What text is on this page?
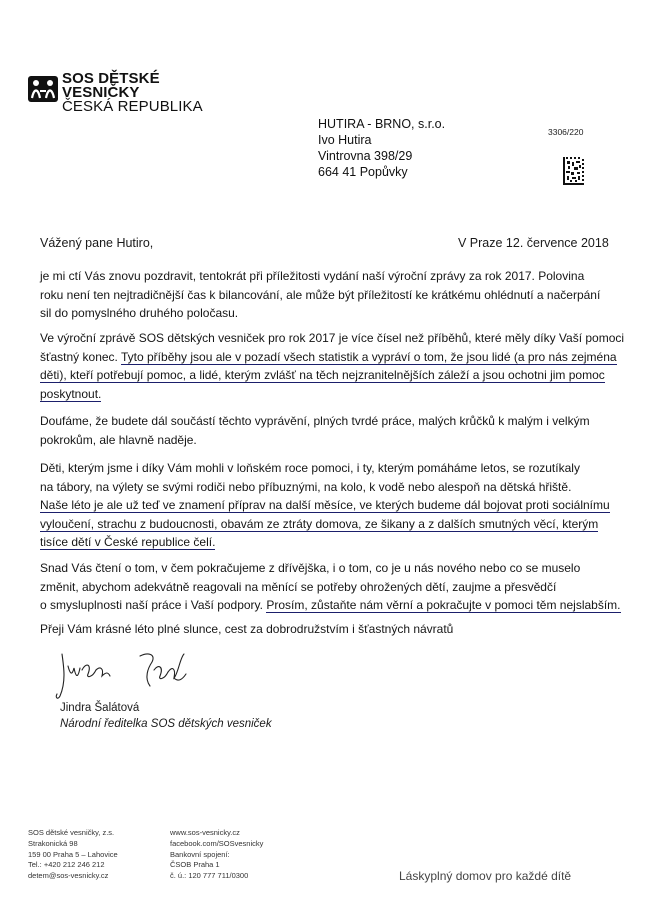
SOS DĚTSKÉ
VESNIČKY
ČESKÁ REPUBLIKA
3306/220
HUTIRA - BRNO, s.r.o.
Ivo Hutira
Vintrovna 398/29
664 41 Popůvky
Vážený pane Hutiro,	V Praze 12. července 2018
je mi ctí Vás znovu pozdravit, tentokrát při příležitosti vydání naší výroční zprávy za rok 2017. Polovina
roku není ten nejtradičnější čas k bilancování, ale může být příležitostí ke krátkému ohlédnutí a načerpání
sil do pomyslného druhého poločasu.
Ve výroční zprávě SOS dětských vesniček pro rok 2017 je více čísel než příběhů, které měly díky Vaší pomoci
šťastný konec. Tyto příběhy jsou ale v pozadí všech statistik a vypráví o tom, že jsou lidé (a pro nás zejména
děti), kteří potřebují pomoc, a lidé, kterým zvlášť na těch nejzranitelnějších záleží a jsou ochotni jim pomoc
poskytnout.
Doufáme, že budete dál součástí těchto vyprávění, plných tvrdé práce, malých krůčků k malým i velkým
pokrokům, ale hlavně naděje.
Děti, kterým jsme i díky Vám mohli v loňském roce pomoci, i ty, kterým pomáháme letos, se rozutíkaly
na tábory, na výlety se svými rodiči nebo příbuznými, na kolo, k vodě nebo alespoň na dětská hřiště.
Naše léto je ale už teď ve znamení příprav na další měsíce, ve kterých budeme dál bojovat proti sociálnímu
vyloučení, strachu z budoucnosti, obavám ze ztráty domova, ze šikany a z dalších smutných věcí, kterým
tisíce dětí v České republice čelí.
Snad Vás čtení o tom, v čem pokračujeme z dřívějška, i o tom, co je u nás nového nebo co se muselo
změnit, abychom adekvátně reagovali na měnící se potřeby ohrožených dětí, zaujme a přesvědčí
o smysluplnosti naší práce i Vaší podpory. Prosím, zůstaňte nám věrní a pokračujte v pomoci těm nejslabším.
Přeji Vám krásné léto plné slunce, cest za dobrodružstvím i šťastných návratů
Jindra Šalátová
Národní ředitelka SOS dětských vesniček
SOS dětské vesničky, z.s.
Strakonická 98
159 00 Praha 5 – Lahovice
Tel.: +420 212 246 212
detem@sos-vesnicky.cz
www.sos-vesnicky.cz
facebook.com/SOSvesnicky
Bankovní spojení:
ČSOB Praha 1
č. ú.: 120 777 711/0300	Láskyplný domov pro každé dítě
